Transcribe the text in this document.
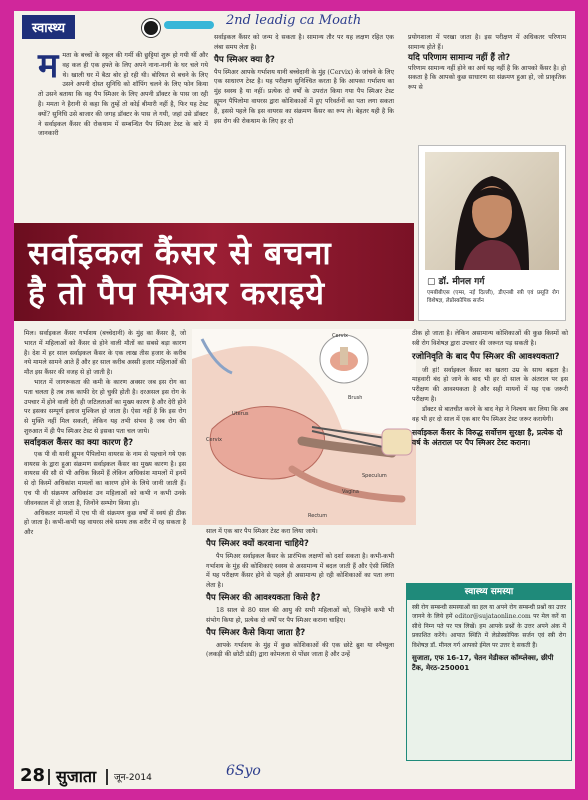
स्वास्थ्य
2nd leadig ca Moath
म मता के बच्चों के स्कूल की गर्मी की छुट्टियां शुरू हो गयी थीं और वह कल ही एक हफ्ते के लिए अपने नाना-नानी के घर चले गये थे। खाली घर में बैठा बोर हो रही थी। बोरियत से बचने के लिए उसने अपनी दोस्त सुनिधि को शॉपिंग चलने के लिए फोन किया तो उसने बताया कि वह पैप स्मिअर के लिए अपनी डॉक्टर के पास जा रही है। ममता ने हैरानी से कहा कि तुम्हें तो कोई बीमारी नहीं है, फिर यह टेस्ट क्यों? सुनिधि उसे बाजार की जगह डॉक्टर के पास ले गयी, जहां उसे डॉक्टर ने सर्वाइकल कैंसर की रोकथाम में सम्बन्धित पैप स्मिअर टेस्ट के बारे में जानकारी
सर्वाइकल कैंसर को जन्म दे सकता है। सामान्य तौर पर यह लक्षण रहित एक लंबा समय लेता है।
पैप स्मिअर क्या है?
पैप स्मिअर आपके गर्भाशय यानी बच्चेदानी के मुंह (Cervix) के जांचने के लिए एक साधारण टेस्ट है। यह परीक्षण सुनिश्चित करता है कि आपका गर्भाशय का मुंह स्वस्थ है या नहीं। प्रत्येक दो वर्षों के उपरांत किया गया पैप स्मिअर टेस्ट ह्यूमन पैपिलोमा वायरस द्वारा कोशिकाओं में हुए परिवर्तनों का पता लगा सकता है, इससे पहले कि इस वायरस का संक्रमण कैंसर का रूप ले। बेहतर यही है कि इस रोग की रोकथाम के लिए हर दो
प्रयोगशाला में परखा जाता है। इस परीक्षण में अधिकतर परिणाम सामान्य होते हैं।
यदि परिणाम सामान्य नहीं हैं तो?
परिणाम सामान्य नहीं होने का अर्थ यह नहीं है कि आपको कैंसर है। हो सकता है कि आपको कुछ साधारण सा संक्रमण हुआ हो, जो प्राकृतिक रूप से
▢ डॉ. मीनल गर्ग
एमबीबीएस (एम्स, नई दिल्ली), डीएनबी स्त्री एवं प्रसूति रोग विशेषज्ञ, लेप्रोस्कोपिक सर्जन
सर्वाइकल कैंसर से बचना
है तो पैप स्मिअर कराइये
मिल। सर्वाइकल कैंसर गर्भाशय (बच्चेदानी) के मुंह का कैंसर है, जो भारत में महिलाओं को कैंसर से होने वाली मौतों का सबसे बड़ा कारण है। देश में हर साल सर्वाइकल कैंसर के एक लाख तीस हजार के करीब नये मामले सामने आते हैं और हर साल करीब अस्सी हजार महिलाओं की मौत इस कैंसर की वजह से हो जाती है।
भारत में जागरूकता की कमी के कारण अक्सर जब इस रोग का पता चलता है तब तक काफी देर हो चुकी होती है। दरअसल इस रोग के उपचार में होने वाली देरी ही जटिलताओं का मुख्य कारण है और देरी होने पर इसका सम्पूर्ण इलाज मुश्किल हो जाता है। ऐसा नहीं है कि इस रोग से मुक्ति नहीं मिल सकती, लेकिन यह तभी संभव है जब रोग की शुरुआत में ही पैप स्मिअर टेस्ट से इसका पता चल जाये।
सर्वाइकल कैंसर का क्या कारण है?
एक पी वी यानी ह्यूमन पैपिलोमा वायरस के नाम से पहचाने गये एक वायरस के द्वारा हुआ संक्रमण सर्वाइकल कैंसर का मुख्य कारण है। इस वायरस की सौ से भी अधिक किस्में हैं लेकिन अधिकांश मामलों में इनमें से दो किस्में अधिकांश मामलों का कारण होने के लिये जानी जाती हैं। एच पी वी संक्रमण अधिकांश उन महिलाओं को कभी न कभी उनके जीवनकाल में हो जाता है, जिनोंने सम्भोग किया हो।
अधिकतर मामलों में एच पी वी संक्रमण कुछ वर्षों में स्वयं ही ठीक हो जाता है। कभी-कभी यह वायरस लंबे समय तक शरीर में रह सकता है और
Cervix
Brush
Uterus
Cervix
Speculum
Vagina
Rectum
साल में एक बार पैप स्मिअर टेस्ट करा लिया जाये।
पैप स्मिअर क्यों करवाना चाहिये?
पैप स्मिअर सर्वाइकल कैंसर के प्रारंभिक लक्षणों को दर्शा सकता है। कभी-कभी गर्भाशय के मुंह की कोशिकाएं स्वस्थ से असामान्य में बदल जाती हैं और ऐसी स्थिति में यह परीक्षण कैंसर होने से पहले ही असामान्य हो रही कोशिकाओं का पता लगा लेता है।
पैप स्मिअर की आवश्यकता किसे है?
18 साल से 80 साल की आयु की सभी महिलाओं को, जिन्होंने कभी भी संभोग किया हो, प्रत्येक दो वर्षों पर पैप स्मिअर कराना चाहिए।
पैप स्मिअर कैसे किया जाता है?
आपके गर्भाशय के मुंह में कुछ कोशिकाओं की एक छोटे ब्रुश या स्पैच्युला (लकड़ी की छोटी डंडी) द्वारा कोमलता से पोंछा जाता है और उन्हें
ठीक हो जाता है। लेकिन असामान्य कोशिकाओं की कुछ किस्मों को स्त्री रोग विशेषज्ञ द्वारा उपचार की जरूरत पड़ सकती है।
रजोनिवृति के बाद पैप स्मिअर की आवश्यकता?
जी हां! सर्वाइकल कैंसर का खतरा उम्र के साथ बढ़ता है। माहवारी बंद हो जाने के बाद भी हर दो साल के अंतराल पर इस परीक्षण की आवश्यकता है और सही मायनों में यह एक जरूरी परीक्षण है।
डॉक्टर से बातचीत करने के बाद नेहा ने निश्चय कर लिया कि अब वह भी हर दो साल में एक बार पैप स्मिअर टेस्ट जरूर करायेगी।
सर्वाइकल कैंसर के विरुद्ध सर्वोत्तम सुरक्षा है, प्रत्येक दो वर्ष के अंतराल पर पैप स्मिअर टेस्ट कराना।
स्वास्थ्य समस्या
स्त्री रोग सम्बन्धी समस्याओं का हल या अपने रोग सम्बन्धी प्रश्नों का उत्तर जानने के लिये हमें editor@sujataonline.com पर मेल करें या सीधे निम्न पते पर पत्र लिखें। हम आपके प्रश्नों के उत्तर अपने अंक में प्रकाशित करेंगे। आपात स्थिति में लेप्रोस्कोपिक सर्जन एवं स्त्री रोग विशेषज्ञ डॉ. मीनल गर्ग आपको ईमेल पर उत्तर दे सकती हैं।
सुजाता, एफ 16-17, चेतन मेडीकल कॉम्प्लेक्स, छीपी टैंक, मेरठ-250001
28 सुजाता जून-2014	6Syo
